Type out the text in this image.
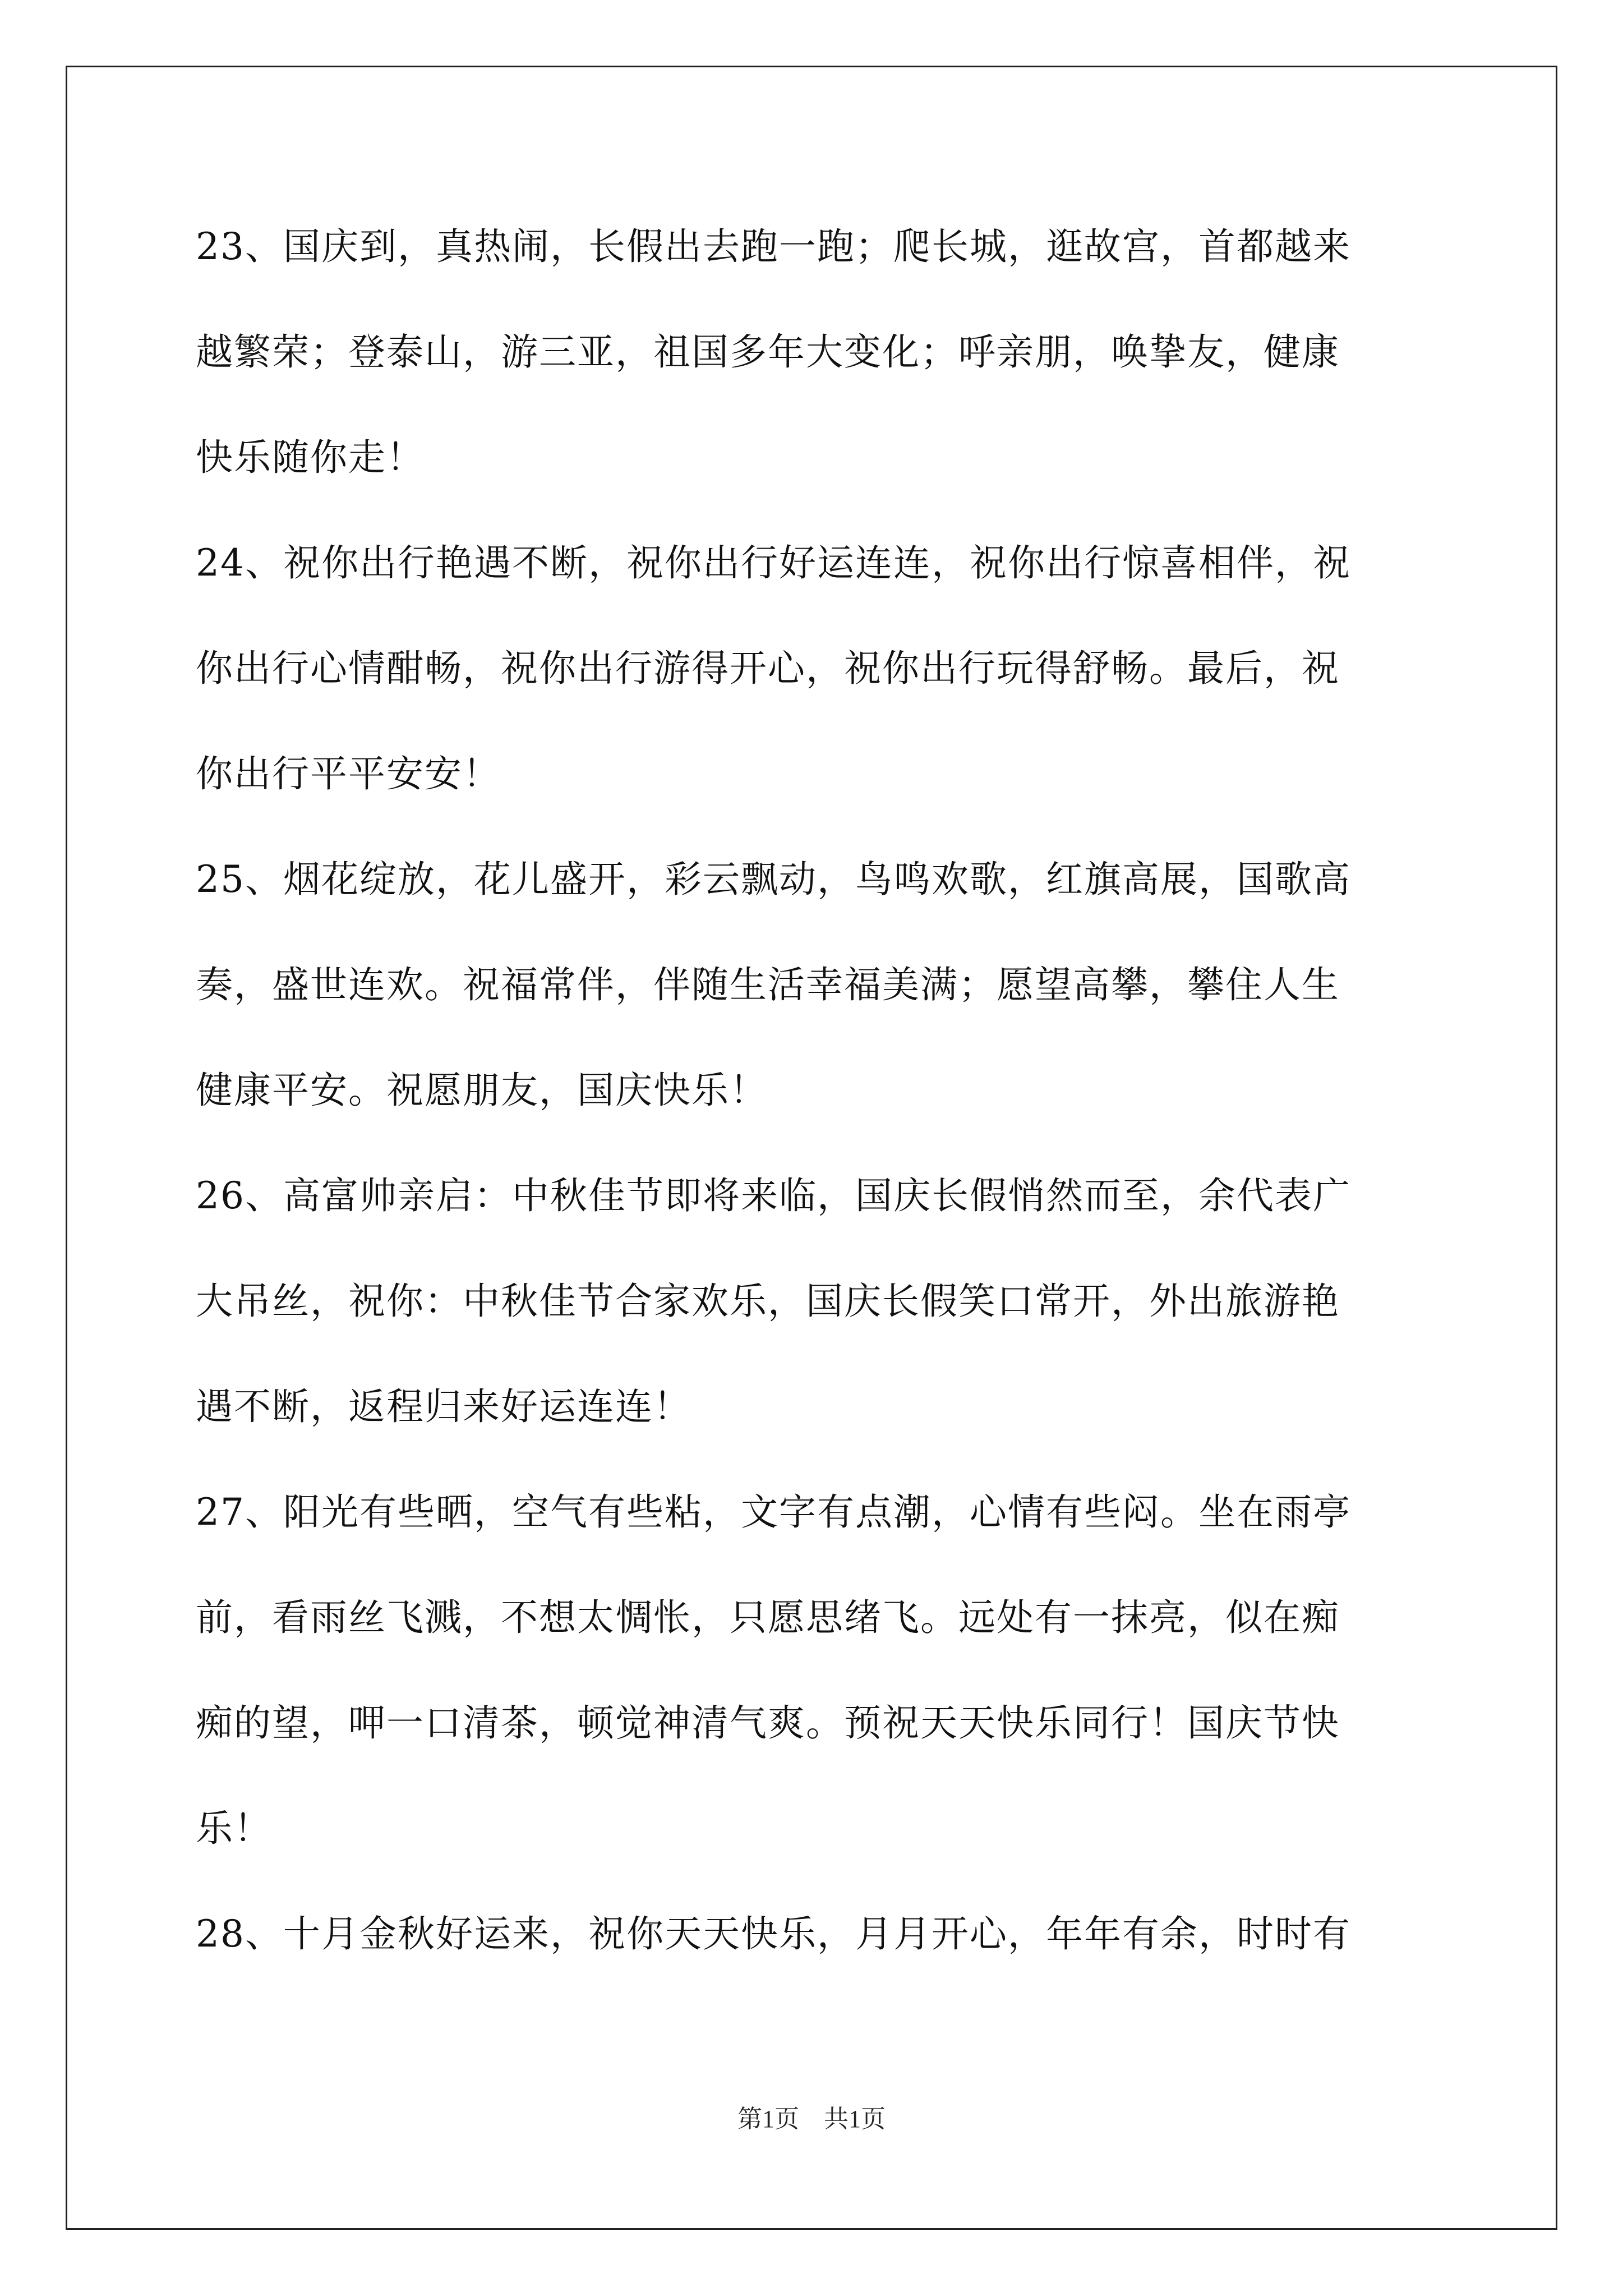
23、国庆到，真热闹，长假出去跑一跑；爬长城，逛故宫，首都越来
越繁荣；登泰山，游三亚，祖国多年大变化；呼亲朋，唤挚友，健康
快乐随你走！
24、祝你出行艳遇不断，祝你出行好运连连，祝你出行惊喜相伴，祝
你出行心情酣畅，祝你出行游得开心，祝你出行玩得舒畅。最后，祝
你出行平平安安！
25、烟花绽放，花儿盛开，彩云飘动，鸟鸣欢歌，红旗高展，国歌高
奏，盛世连欢。祝福常伴，伴随生活幸福美满；愿望高攀，攀住人生
健康平安。祝愿朋友，国庆快乐！
26、高富帅亲启：中秋佳节即将来临，国庆长假悄然而至，余代表广
大吊丝，祝你：中秋佳节合家欢乐，国庆长假笑口常开，外出旅游艳
遇不断，返程归来好运连连！
27、阳光有些晒，空气有些粘，文字有点潮，心情有些闷。坐在雨亭
前，看雨丝飞溅，不想太惆怅，只愿思绪飞。远处有一抹亮，似在痴
痴的望，呷一口清茶，顿觉神清气爽。预祝天天快乐同行！国庆节快
乐！
28、十月金秋好运来，祝你天天快乐，月月开心，年年有余，时时有
第1页　共1页
